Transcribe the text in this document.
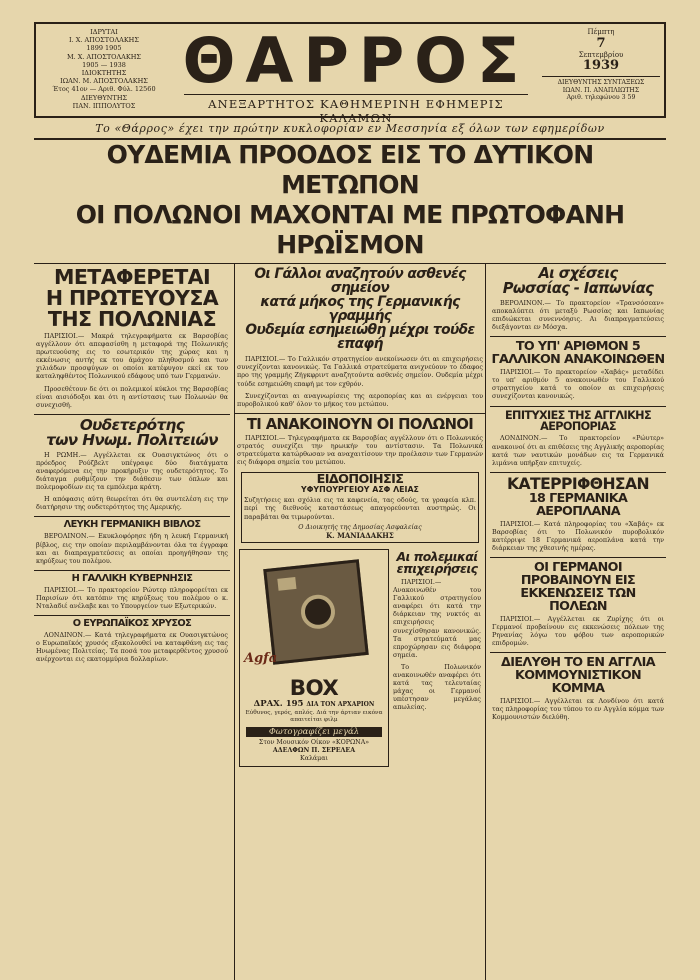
ΙΔΡΥΤΑΙ
Ι. Χ. ΑΠΟΣΤΟΛΑΚΗΣ
1899 1905
Μ. Χ. ΑΠΟΣΤΟΛΑΚΗΣ
1905 — 1938
ΙΔΙΟΚΤΗΤΗΣ
ΙΩΑΝ. Μ. ΑΠΟΣΤΟΛΑΚΗΣ
Έτος 41ον — Αριθ. Φύλ. 12560
ΔΙΕΥΘΥΝΤΗΣ
ΠΑΝ. ΙΠΠΟΛΥΤΟΣ
ΘΑΡΡΟΣ
ΑΝΕΞΑΡΤΗΤΟΣ ΚΑΘΗΜΕΡΙΝΗ ΕΦΗΜΕΡΙΣ ΚΑΛΑΜΩΝ
Πέμπτη
7
Σεπτεμβρίου
1939
ΔΙΕΥΘΥΝΤΗΣ ΣΥΝΤΑΞΕΩΣ
ΙΩΑΝ. Π. ΑΝΑΠΛΙΩΤΗΣ
Αριθ. τηλεφώνου 3 59
Το «Θάρρος» έχει την πρώτην κυκλοφορίαν εν Μεσσηνία εξ όλων των εφημερίδων
ΟΥΔΕΜΙΑ ΠΡΟΟΔΟΣ ΕΙΣ ΤΟ ΔΥΤΙΚΟΝ ΜΕΤΩΠΟΝ
ΟΙ ΠΟΛΩΝΟΙ ΜΑΧΟΝΤΑΙ ΜΕ ΠΡΩΤΟΦΑΝΗ ΗΡΩΪΣΜΟΝ
ΜΕΤΑΦΕΡΕΤΑΙ
Η ΠΡΩΤΕΥΟΥΣΑ
ΤΗΣ ΠΟΛΩΝΙΑΣ
ΠΑΡΙΣΙΟΙ.— Μακρά τηλεγραφήματα εκ Βαρσοβίας αγγέλλουν ότι απεφασίσθη η μεταφορά της Πολωνικής πρωτευούσης εις το εσωτερικόν της χώρας και η εκκένωσις αυτής εκ του άμάχου πληθυσμού και των χιλιάδων προσφύγων οι οποίοι κατέφυγον εκεί εκ του καταληφθέντος Πολωνικού εδάφους υπό των Γερμανών.
Προσεθέτουν δε ότι οι πολεμικοί κύκλοι της Βαρσοβίας είναι αισιόδοξοι και ότι η αντίστασις των Πολωνών θα συνεχισθή.
Ουδετερότης
των Ηνωμ. Πολιτειών
Η ΡΩΜΗ.— Αγγέλλεται εκ Ουασιγκτώνος ότι ο πρόεδρος Ρούζβελτ υπέγραψε δύο διατάγματα αναφερόμενα εις την προκήρυξιν της ουδετερότητος. Το διάταγμα ρυθμίζουν την διάθεσιν των όπλων και πολεμοφοδίων εις τα εμπόλεμα κράτη.
Η απόφασις αύτη θεωρείται ότι θα συντελέση εις την διατήρησιν της ουδετερότητος της Αμερικής.
ΛΕΥΚΗ ΓΕΡΜΑΝΙΚΗ ΒΙΒΛΟΣ
ΒΕΡΟΛΙΝΟΝ.— Εκυκλοφόρησε ήδη η λευκή Γερμανική βίβλος, εις την οποίαν περιλαμβάνονται όλα τα έγγραφα και αι διαπραγματεύσεις αι οποίαι προηγήθησαν της κηρύξεως του πολέμου.
Η ΓΑΛΛΙΚΗ ΚΥΒΕΡΝΗΣΙΣ
ΠΑΡΙΣΙΟΙ.— Το πρακτορείον Ρώυτερ πληροφορείται εκ Παρισίων ότι κατόπιν της κηρύξεως του πολέμου ο κ. Νταλαδιέ ανέλαβε και το Υπουργείον των Εξωτερικών.
Ο ΕΥΡΩΠΑΪΚΟΣ ΧΡΥΣΟΣ
ΛΟΝΔΙΝΟΝ.— Κατά τηλεγραφήματα εκ Ουασιγκτώνος ο Ευρωπαϊκός χρυσός εξακολουθεί να καταφθάνη εις τας Ηνωμένας Πολιτείας. Τα ποσά του μεταφερθέντος χρυσού ανέρχονται εις εκατομμύρια δολλαρίων.
Οι Γάλλοι αναζητούν ασθενές σημείον
κατά μήκος της Γερμανικής γραμμής
Ουδεμία εσημειώθη μέχρι τούδε επαφή
ΠΑΡΙΣΙΟΙ.— Το Γαλλικόν στρατηγείον ανεκοίνωσεν ότι αι επιχειρήσεις συνεχίζονται κανονικώς. Τα Γαλλικά στρατεύματα ανιχνεύουν το έδαφος προ της γραμμής Ζήγκφριντ αναζητούντα ασθενές σημείον. Ουδεμία μέχρι τούδε εσημειώθη επαφή με τον εχθρόν.
Συνεχίζονται αι αναγνωρίσεις της αεροπορίας και αι ενέργειαι του πυροβολικού καθ' όλον το μήκος του μετώπου.
ΤΙ ΑΝΑΚΟΙΝΟΥΝ ΟΙ ΠΟΛΩΝΟΙ
ΠΑΡΙΣΙΟΙ.— Τηλεγραφήματα εκ Βαρσοβίας αγγέλλουν ότι ο Πολωνικός στρατός συνεχίζει την ηρωικήν του αντίστασιν. Τα Πολωνικά στρατεύματα κατώρθωσαν να αναχαιτίσουν την προέλασιν των Γερμανών εις διάφορα σημεία του μετώπου.
ΕΙΔΟΠΟΙΗΣΙΣ
ΥΦΥΠΟΥΡΓΕΙΟΥ ΑΣΦ ΛΕΙΑΣ
Συζητήσεις και σχόλια εις τα καφενεία, τας οδούς, τα γραφεία κλπ. περί της διεθνούς καταστάσεως απαγορεύονται αυστηρώς. Οι παραβάται θα τιμωρούνται.
Ο Διοικητής της Δημοσίας Ασφαλείας
Κ. ΜΑΝΙΑΔΑΚΗΣ
Agfa
BOX
ΔΡΑΧ. 195 ΔΙΑ ΤΟΝ ΑΡΧΑΡΙΟΝ
Εύθυνος, γερός, απλός. Διά την άρτιαν εικόνα απαιτείται φιλμ
Φωτογραφίζει μεγάλ
Στον Μουσικόν Οίκον «ΚΟΡΩΝΑ»
ΑΔΕΛΦΩΝ Π. ΣΕΡΕΛΕΑ
Καλάμαι
Αι πολεμικαί
επιχειρήσεις
ΠΑΡΙΣΙΟΙ.— Ανακοινωθέν του Γαλλικού στρατηγείου αναφέρει ότι κατά την διάρκειαν της νυκτός αι επιχειρήσεις συνεχίσθησαν κανονικώς. Τα στρατεύματά μας επροχώρησαν εις διάφορα σημεία.
Το Πολωνικόν ανακοινωθέν αναφέρει ότι κατά τας τελευταίας μάχας οι Γερμανοί υπέστησαν μεγάλας απωλείας.
Αι σχέσεις
Ρωσσίας - Ιαπωνίας
ΒΕΡΟΛΙΝΟΝ.— Το πρακτορείον «Τρανσόσεαν» αποκαλύπτει ότι μεταξύ Ρωσσίας και Ιαπωνίας επιδιώκεται συνεννόησις. Αι διαπραγματεύσεις διεξάγονται εν Μόσχα.
ΤΟ ΥΠ' ΑΡΙΘΜΟΝ 5 ΓΑΛΛΙΚΟΝ ΑΝΑΚΟΙΝΩΘΕΝ
ΠΑΡΙΣΙΟΙ.— Το πρακτορείον «Χαβάς» μεταδίδει το υπ' αριθμόν 5 ανακοινωθέν του Γαλλικού στρατηγείου κατά το οποίον αι επιχειρήσεις συνεχίζονται κανονικώς.
ΕΠΙΤΥΧΙΕΣ ΤΗΣ ΑΓΓΛΙΚΗΣ ΑΕΡΟΠΟΡΙΑΣ
ΛΟΝΔΙΝΟΝ.— Το πρακτορείον «Ρώυτερ» ανακοινοί ότι αι επιθέσεις της Αγγλικής αεροπορίας κατά των ναυτικών μονάδων εις τα Γερμανικά λιμάνια υπήρξαν επιτυχείς.
ΚΑΤΕΡΡΙΦΘΗΣΑΝ
18 ΓΕΡΜΑΝΙΚΑ ΑΕΡΟΠΛΑΝΑ
ΠΑΡΙΣΙΟΙ.— Κατά πληροφορίας του «Χαβάς» εκ Βαρσοβίας ότι το Πολωνικόν πυροβολικόν κατέρριψε 18 Γερμανικά αεροπλάνα κατά την διάρκειαν της χθεσινής ημέρας.
ΟΙ ΓΕΡΜΑΝΟΙ ΠΡΟΒΑΙΝΟΥΝ ΕΙΣ ΕΚΚΕΝΩΣΕΙΣ ΤΩΝ ΠΟΛΕΩΝ
ΠΑΡΙΣΙΟΙ.— Αγγέλλεται εκ Ζυρίχης ότι οι Γερμανοί προβαίνουν εις εκκενώσεις πόλεων της Ρηνανίας λόγω του φόβου των αεροπορικών επιδρομών.
ΔΙΕΛΥΘΗ ΤΟ ΕΝ ΑΓΓΛΙΑ ΚΟΜΜΟΥΝΙΣΤΙΚΟΝ ΚΟΜΜΑ
ΠΑΡΙΣΙΟΙ.— Αγγέλλεται εκ Λονδίνου ότι κατά τας πληροφορίας του τύπου το εν Αγγλία κόμμα των Κομμουνιστών διελύθη.
